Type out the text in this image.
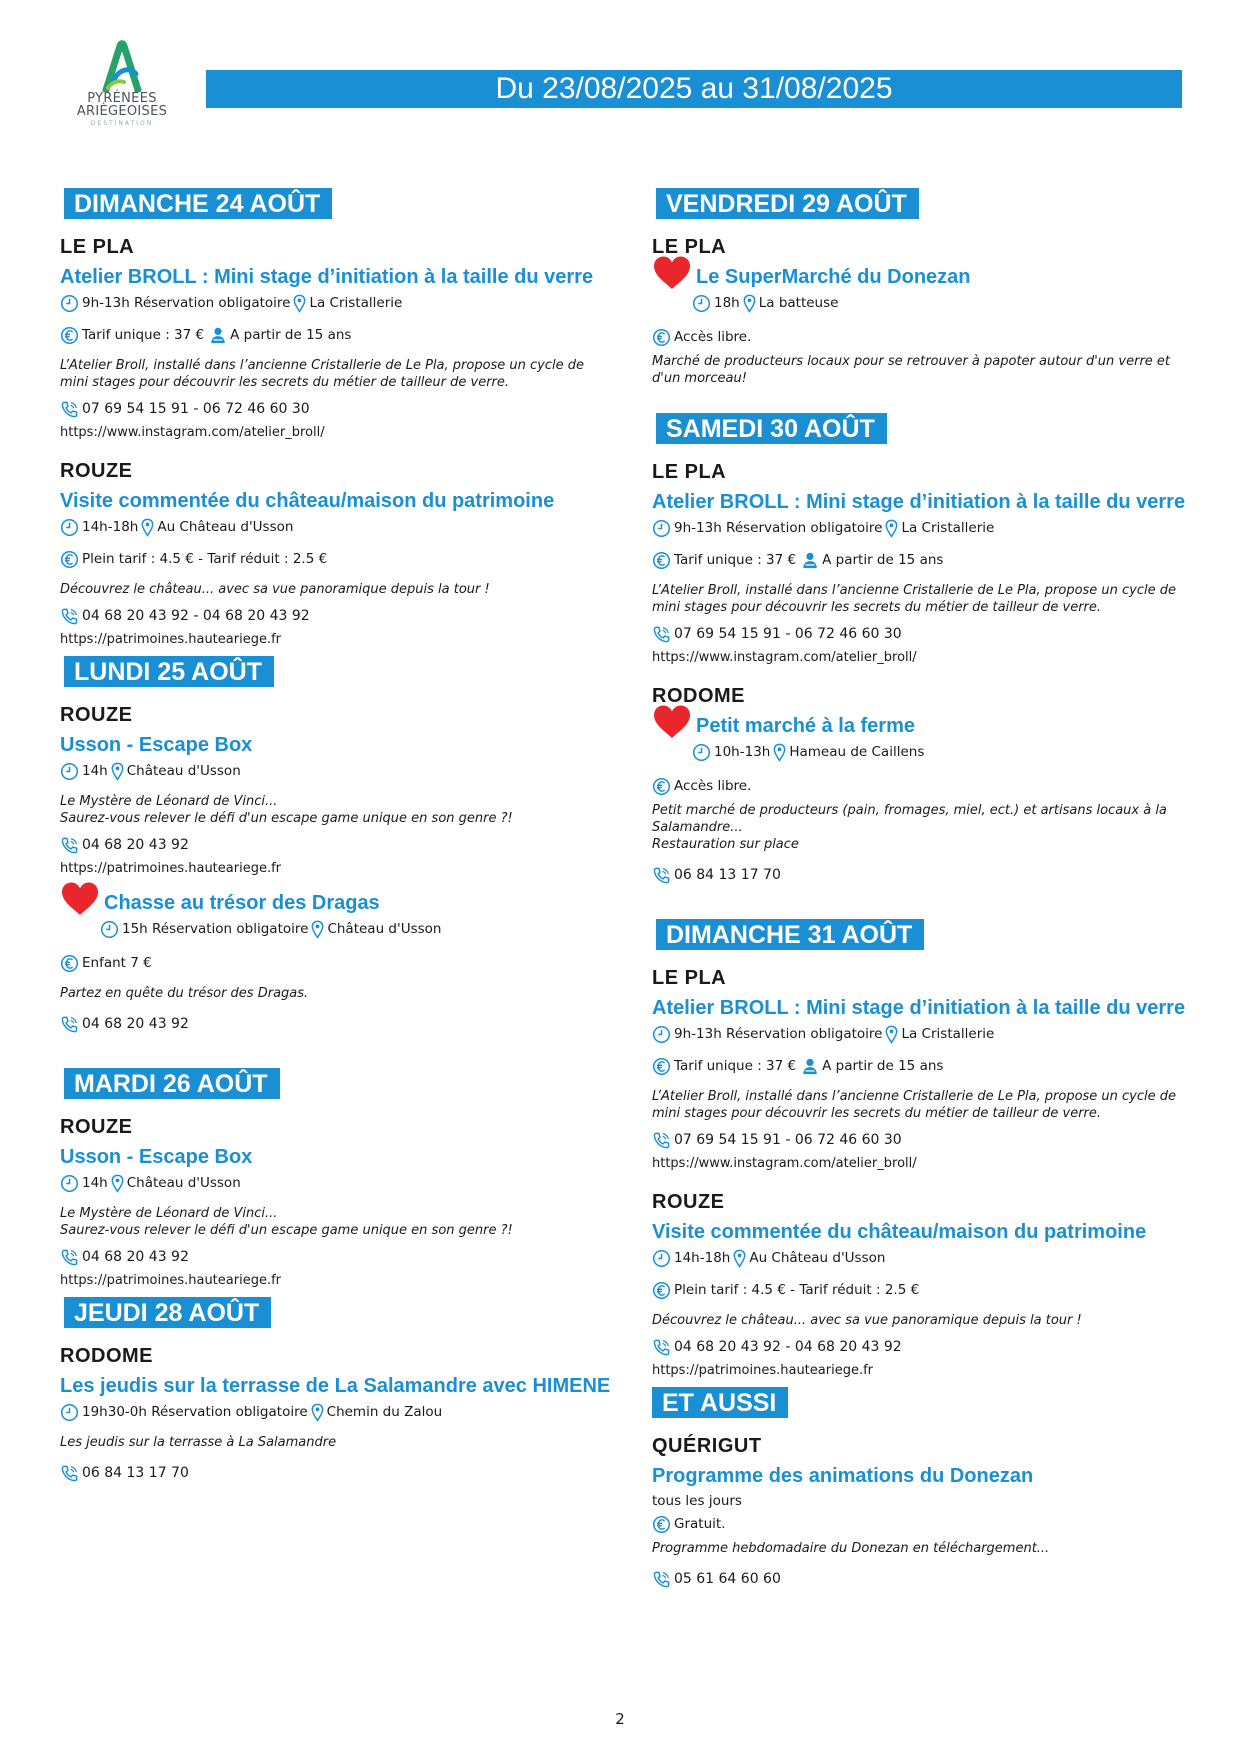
PYRÉNÉES
ARIÈGEOISES
DESTINATION
Du 23/08/2025 au 31/08/2025
DIMANCHE 24 AOÛT
LE PLA
Atelier BROLL : Mini stage d’initiation à la taille du verre
9h-13h Réservation obligatoire La Cristallerie
Tarif unique : 37 € A partir de 15 ans
L’Atelier Broll, installé dans l’ancienne Cristallerie de Le Pla, propose un cycle de mini stages pour découvrir les secrets du métier de tailleur de verre.
07 69 54 15 91 - 06 72 46 60 30
https://www.instagram.com/atelier_broll/
ROUZE
Visite commentée du château/maison du patrimoine
14h-18h Au Château d'Usson
Plein tarif : 4.5 € - Tarif réduit : 2.5 €
Découvrez le château... avec sa vue panoramique depuis la tour !
04 68 20 43 92 - 04 68 20 43 92
https://patrimoines.hauteariege.fr
LUNDI 25 AOÛT
ROUZE
Usson - Escape Box
14h Château d'Usson
Le Mystère de Léonard de Vinci...
Saurez-vous relever le défi d'un escape game unique en son genre ?!
04 68 20 43 92
https://patrimoines.hauteariege.fr
Chasse au trésor des Dragas
15h Réservation obligatoire Château d'Usson
Enfant 7 €
Partez en quête du trésor des Dragas.
04 68 20 43 92
MARDI 26 AOÛT
ROUZE
Usson - Escape Box
14h Château d'Usson
Le Mystère de Léonard de Vinci...
Saurez-vous relever le défi d'un escape game unique en son genre ?!
04 68 20 43 92
https://patrimoines.hauteariege.fr
JEUDI 28 AOÛT
RODOME
Les jeudis sur la terrasse de La Salamandre avec HIMENE
19h30-0h Réservation obligatoire Chemin du Zalou
Les jeudis sur la terrasse à La Salamandre
06 84 13 17 70
VENDREDI 29 AOÛT
LE PLA
Le SuperMarché du Donezan
18h La batteuse
Accès libre.
Marché de producteurs locaux pour se retrouver à papoter autour d'un verre et d'un morceau!
SAMEDI 30 AOÛT
LE PLA
Atelier BROLL : Mini stage d’initiation à la taille du verre
9h-13h Réservation obligatoire La Cristallerie
Tarif unique : 37 € A partir de 15 ans
L’Atelier Broll, installé dans l’ancienne Cristallerie de Le Pla, propose un cycle de mini stages pour découvrir les secrets du métier de tailleur de verre.
07 69 54 15 91 - 06 72 46 60 30
https://www.instagram.com/atelier_broll/
RODOME
Petit marché à la ferme
10h-13h Hameau de Caillens
Accès libre.
Petit marché de producteurs (pain, fromages, miel, ect.) et artisans locaux à la Salamandre...
Restauration sur place
06 84 13 17 70
DIMANCHE 31 AOÛT
LE PLA
Atelier BROLL : Mini stage d’initiation à la taille du verre
9h-13h Réservation obligatoire La Cristallerie
Tarif unique : 37 € A partir de 15 ans
L’Atelier Broll, installé dans l’ancienne Cristallerie de Le Pla, propose un cycle de mini stages pour découvrir les secrets du métier de tailleur de verre.
07 69 54 15 91 - 06 72 46 60 30
https://www.instagram.com/atelier_broll/
ROUZE
Visite commentée du château/maison du patrimoine
14h-18h Au Château d'Usson
Plein tarif : 4.5 € - Tarif réduit : 2.5 €
Découvrez le château... avec sa vue panoramique depuis la tour !
04 68 20 43 92 - 04 68 20 43 92
https://patrimoines.hauteariege.fr
ET AUSSI
QUÉRIGUT
Programme des animations du Donezan
tous les jours
Gratuit.
Programme hebdomadaire du Donezan en téléchargement...
05 61 64 60 60
2
